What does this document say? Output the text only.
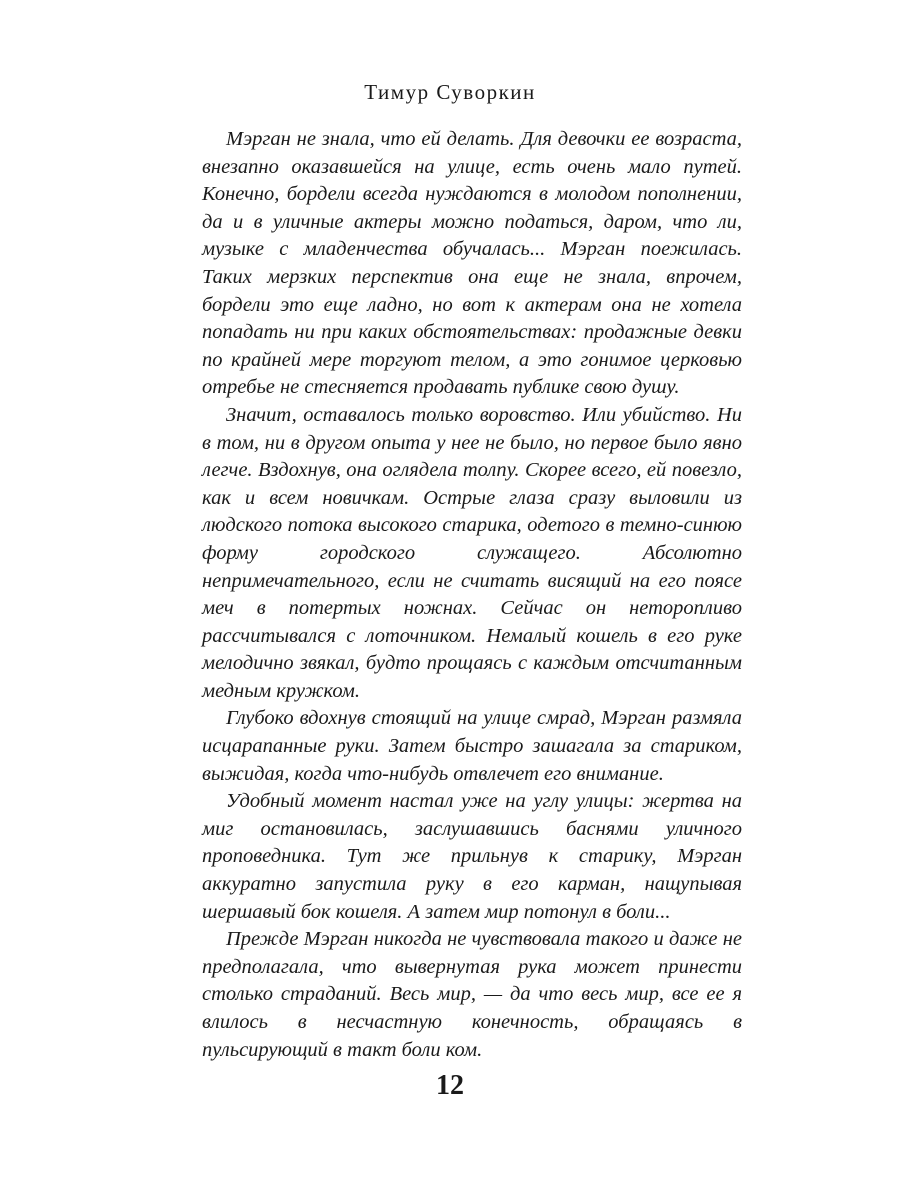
Тимур Суворкин

Мэрган не знала, что ей делать. Для девочки ее возраста, внезапно оказавшейся на улице, есть очень мало путей. Конечно, бордели всегда нуждаются в молодом пополнении, да и в уличные актеры можно податься, даром, что ли, музыке с младенчества обучалась... Мэрган поежилась. Таких мерзких перспектив она еще не знала, впрочем, бордели это еще ладно, но вот к актерам она не хотела попадать ни при каких обстоятельствах: продажные девки по крайней мере торгуют телом, а это гонимое церковью отребье не стесняется продавать публике свою душу.

Значит, оставалось только воровство. Или убийство. Ни в том, ни в другом опыта у нее не было, но первое было явно легче. Вздохнув, она оглядела толпу. Скорее всего, ей повезло, как и всем новичкам. Острые глаза сразу выловили из людского потока высокого старика, одетого в темно-синюю форму городского служащего. Абсолютно непримечательного, если не считать висящий на его поясе меч в потертых ножнах. Сейчас он неторопливо рассчитывался с лоточником. Немалый кошель в его руке мелодично звякал, будто прощаясь с каждым отсчитанным медным кружком.

Глубоко вдохнув стоящий на улице смрад, Мэрган размяла исцарапанные руки. Затем быстро зашагала за стариком, выжидая, когда что-нибудь отвлечет его внимание.

Удобный момент настал уже на углу улицы: жертва на миг остановилась, заслушавшись баснями уличного проповедника. Тут же прильнув к старику, Мэрган аккуратно запустила руку в его карман, нащупывая шершавый бок кошеля. А затем мир потонул в боли...

Прежде Мэрган никогда не чувствовала такого и даже не предполагала, что вывернутая рука может принести столько страданий. Весь мир, — да что весь мир, все ее я влилось в несчастную конечность, обращаясь в пульсирующий в такт боли ком.

12
